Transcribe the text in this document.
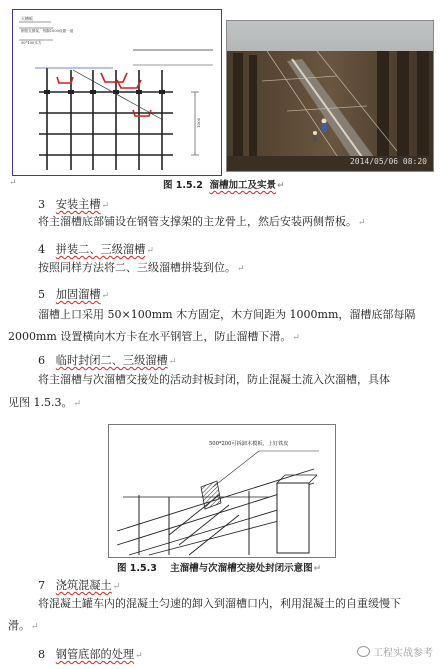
天槽板
钢管支撑架、每隔1000设置一道
50*100木方
1000
2014/05/06 08:20
图 1.5.2 溜槽加工及实景↵
↵
3 安装主槽↵
将主溜槽底部铺设在钢管支撑架的主龙骨上，然后安装两侧帮板。↵
4 拼装二、三级溜槽↵
按照同样方法将二、三级溜槽拼装到位。↵
5 加固溜槽↵
溜槽上口采用 50×100mm 木方固定，木方间距为 1000mm，溜槽底部每隔
2000mm 设置横向木方卡在水平钢管上，防止溜槽下滑。↵
6 临时封闭二、三级溜槽↵
将主溜槽与次溜槽交接处的活动封板封闭，防止混凝土流入次溜槽，具体
见图 1.5.3。↵
500*200可拆卸木模板，上钉铁皮
图 1.5.3 主溜槽与次溜槽交接处封闭示意图↵
7 浇筑混凝土↵
将混凝土罐车内的混凝土匀速的卸入到溜槽口内，利用混凝土的自重缓慢下
滑。↵
8 钢管底部的处理↵	工程实战参考
